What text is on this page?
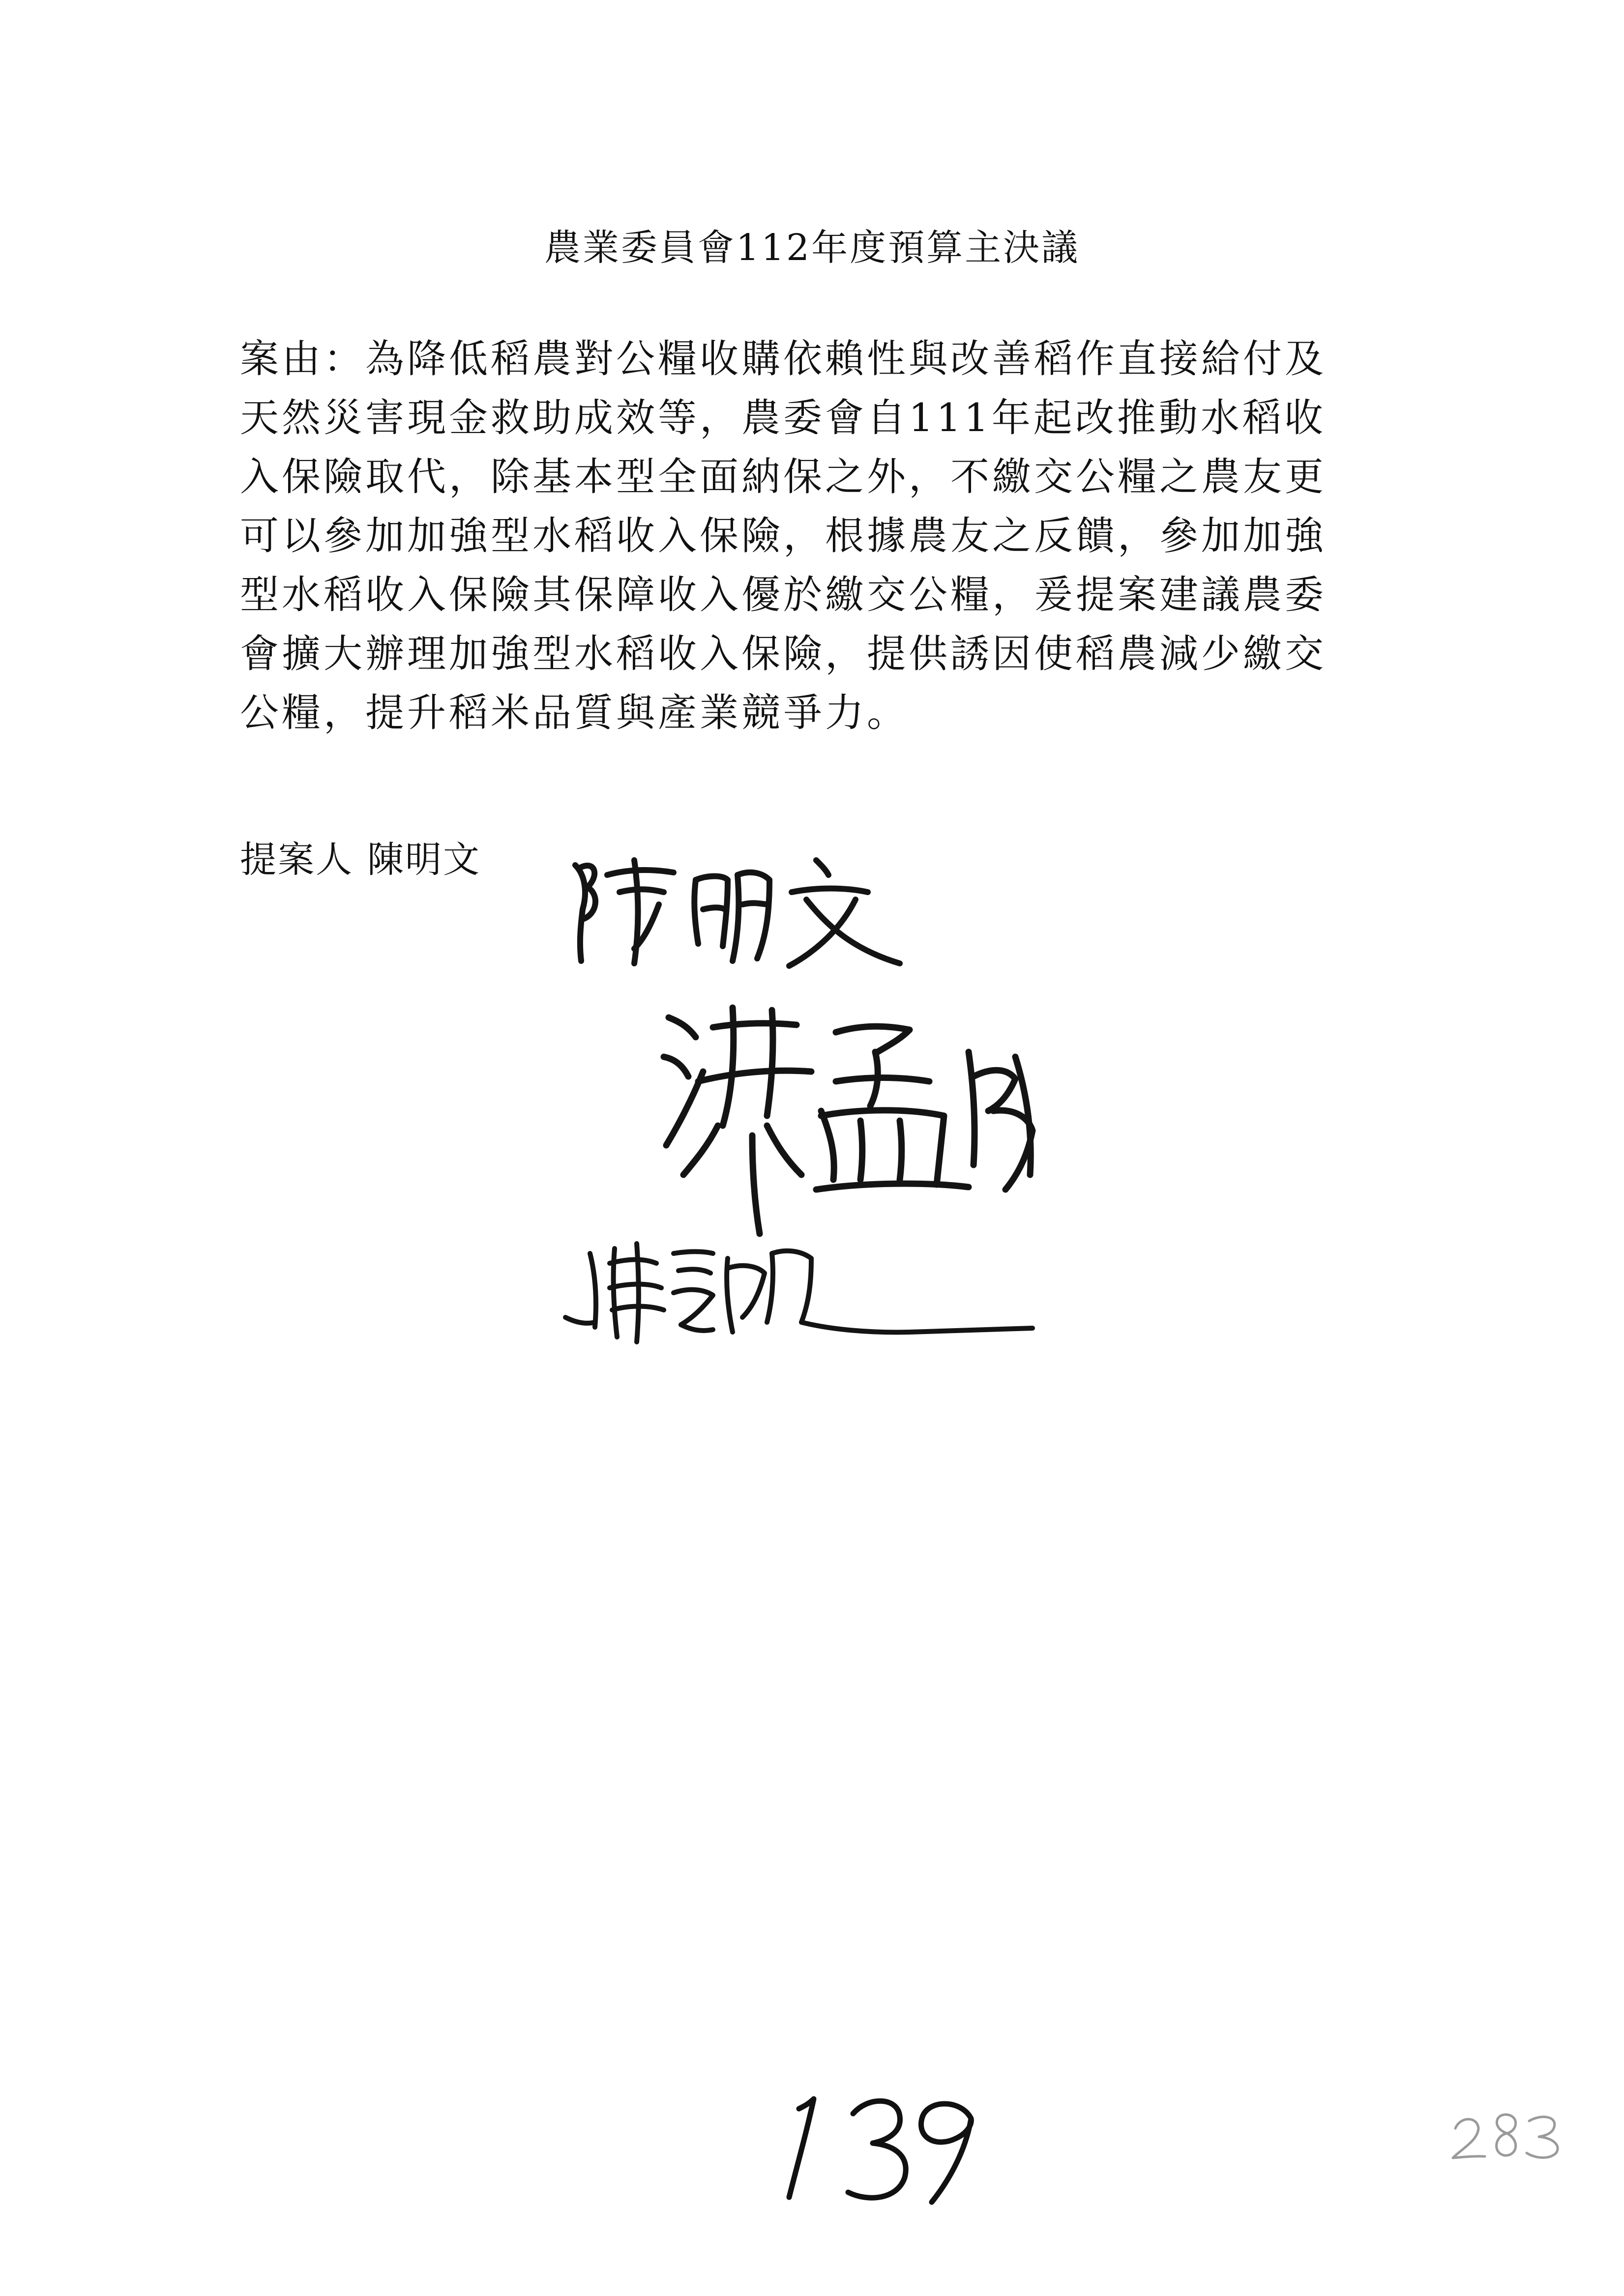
農業委員會112年度預算主決議
案由：為降低稻農對公糧收購依賴性與改善稻作直接給付及
天然災害現金救助成效等，農委會自111年起改推動水稻收
入保險取代，除基本型全面納保之外，不繳交公糧之農友更
可以參加加強型水稻收入保險，根據農友之反饋，參加加強
型水稻收入保險其保障收入優於繳交公糧，爰提案建議農委
會擴大辦理加強型水稻收入保險，提供誘因使稻農減少繳交
公糧，提升稻米品質與產業競爭力。
提案人 陳明文
